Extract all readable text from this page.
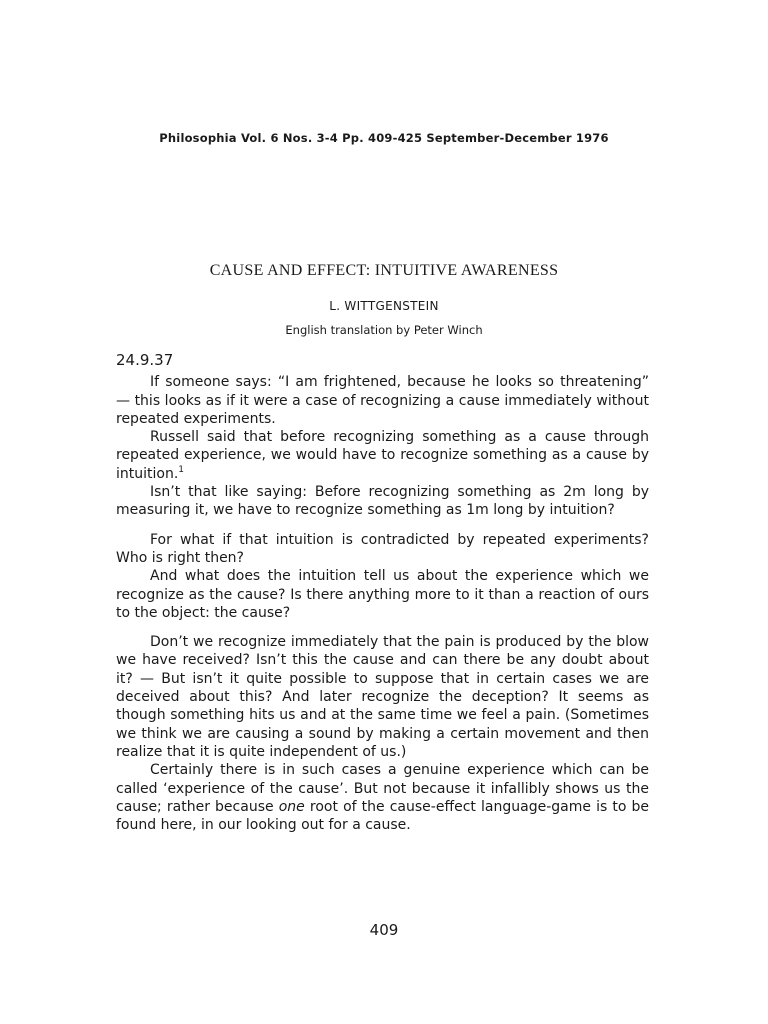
Philosophia Vol. 6 Nos. 3-4 Pp. 409-425 September-December 1976
CAUSE AND EFFECT: INTUITIVE AWARENESS
L. WITTGENSTEIN
English translation by Peter Winch
24.9.37

If someone says: “I am frightened, because he looks so threatening” — this looks as if it were a case of recognizing a cause immediately without repeated experiments.

Russell said that before recognizing something as a cause through repeated experience, we would have to recognize something as a cause by intuition.$^1$

Isn’t that like saying: Before recognizing something as 2m long by measuring it, we have to recognize something as 1m long by intuition?

For what if that intuition is contradicted by repeated experiments? Who is right then?

And what does the intuition tell us about the experience which we recognize as the cause? Is there anything more to it than a reaction of ours to the object: the cause?

Don’t we recognize immediately that the pain is produced by the blow we have received? Isn’t this the cause and can there be any doubt about it? — But isn’t it quite possible to suppose that in certain cases we are deceived about this? And later recognize the deception? It seems as though something hits us and at the same time we feel a pain. (Sometimes we think we are causing a sound by making a certain movement and then realize that it is quite independent of us.)

Certainly there is in such cases a genuine experience which can be called ‘experience of the cause’. But not because it infallibly shows us the cause; rather because one root of the cause-effect language-game is to be found here, in our looking out for a cause.

409
